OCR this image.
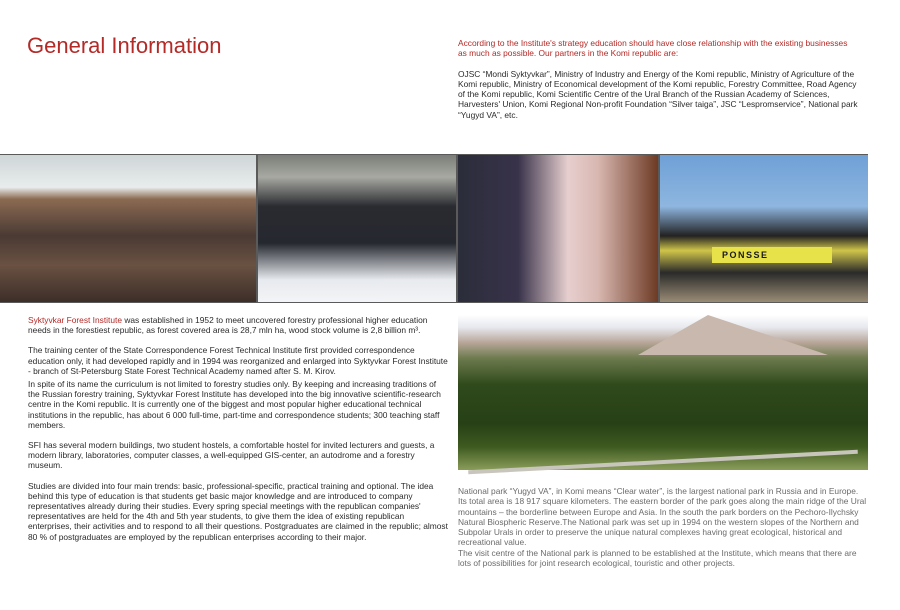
General Information	According to the Institute's strategy education should have close relationship with the existing businesses as much as possible. Our partners in the Komi republic are:

OJSC “Mondi Syktyvkar”, Ministry of Industry and Energy of the Komi republic, Ministry of Agriculture of the Komi republic, Ministry of Economical development of the Komi republic, Forestry Committee, Road Agency of the Komi republic, Komi Scientific Centre of the Ural Branch of the Russian Academy of Sciences, Harvesters' Union, Komi Regional Non-profit Foundation “Silver taiga”, JSC “Lespromservice”, National park “Yugyd VA”, etc.

PONSSE

Syktyvkar Forest Institute was established in 1952 to meet uncovered forestry professional higher education needs in the forestiest republic, as forest covered area is 28,7 mln ha, wood stock volume is 2,8 billion m³.

The training center of the State Correspondence Forest Technical Institute first provided correspondence education only, it had developed rapidly and in 1994 was reorganized and enlarged into Syktyvkar Forest Institute - branch of St-Petersburg State Forest Technical Academy named after S. M. Kirov.

In spite of its name the curriculum is not limited to forestry studies only. By keeping and increasing traditions of the Russian forestry training, Syktyvkar Forest Institute has developed into the big innovative scientific-research centre in the Komi republic. It is currently one of the biggest and most popular higher educational technical institutions in the republic, has about 6 000 full-time, part-time and correspondence students; 300 teaching staff members.

SFI has several modern buildings, two student hostels, a comfortable hostel for invited lecturers and guests, a modern library, laboratories, computer classes, a well-equipped GIS-center, an autodrome and a forestry museum.

Studies are divided into four main trends: basic, professional-specific, practical training and optional. The idea behind this type of education is that students get basic major knowledge and are introduced to company representatives already during their studies. Every spring special meetings with the republican companies' representatives are held for the 4th and 5th year students, to give them the idea of existing republican enterprises, their activities and to respond to all their questions. Postgraduates are claimed in the republic; almost 80 % of postgraduates are employed by the republican enterprises according to their major.

National park “Yugyd VA”, in Komi means “Clear water”, is the largest national park in Russia and in Europe. Its total area is 18 917 square kilometers. The eastern border of the park goes along the main ridge of the Ural mountains – the borderline between Europe and Asia. In the south the park borders on the Pechoro-Ilychsky Natural Biospheric Reserve.The National park was set up in 1994 on the western slopes of the Northern and Subpolar Urals in order to preserve the unique natural complexes having great ecological, historical and recreational value.
The visit centre of the National park is planned to be established at the Institute, which means that there are lots of possibilities for joint research ecological, touristic and other projects.
